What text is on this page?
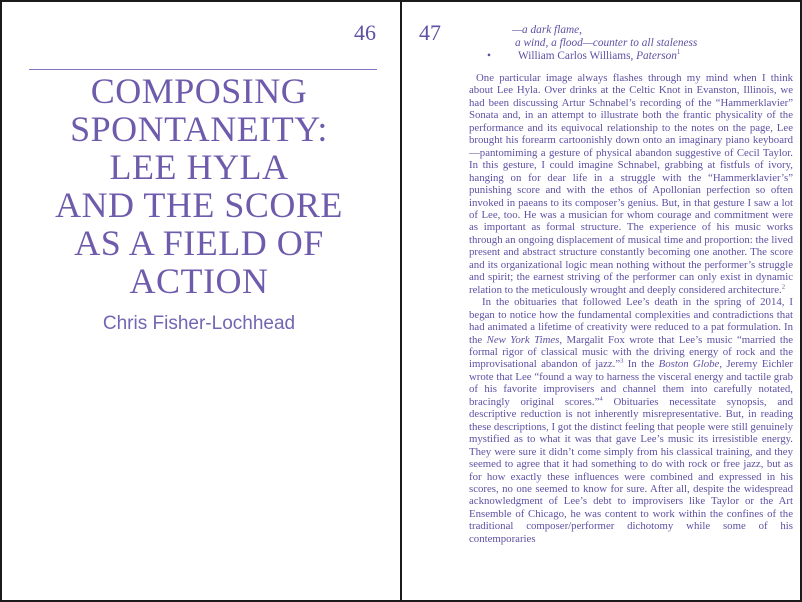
46
COMPOSING
SPONTANEITY:
LEE HYLA
AND THE SCORE
AS A FIELD OF
ACTION
Chris Fisher-Lochhead
47	—a dark flame,
a wind, a flood—counter to all staleness
•	William Carlos Williams, Paterson$^1$

One particular image always flashes through my mind when I think about Lee Hyla. Over drinks at the Celtic Knot in Evanston, Illinois, we had been discussing Artur Schnabel’s recording of the “Hammerklavier” Sonata and, in an attempt to illustrate both the frantic physicality of the performance and its equivocal relationship to the notes on the page, Lee brought his forearm cartoonishly down onto an imaginary piano keyboard—pantomiming a gesture of physical abandon suggestive of Cecil Taylor. In this gesture, I could imagine Schnabel, grabbing at fistfuls of ivory, hanging on for dear life in a struggle with the “Hammerklavier’s” punishing score and with the ethos of Apollonian perfection so often invoked in paeans to its composer’s genius. But, in that gesture I saw a lot of Lee, too. He was a musician for whom courage and commitment were as important as formal structure. The experience of his music works through an ongoing displacement of musical time and proportion: the lived present and abstract structure constantly becoming one another. The score and its organizational logic mean nothing without the performer’s struggle and spirit; the earnest striving of the performer can only exist in dynamic relation to the meticulously wrought and deeply considered architecture.$^2$

In the obituaries that followed Lee’s death in the spring of 2014, I began to notice how the fundamental complexities and contradictions that had animated a lifetime of creativity were reduced to a pat formulation. In the New York Times, Margalit Fox wrote that Lee’s music “married the formal rigor of classical music with the driving energy of rock and the improvisational abandon of jazz.”$^3$ In the Boston Globe, Jeremy Eichler wrote that Lee “found a way to harness the visceral energy and tactile grab of his favorite improvisers and channel them into carefully notated, bracingly original scores.”$^4$ Obituaries necessitate synopsis, and descriptive reduction is not inherently misrepresentative. But, in reading these descriptions, I got the distinct feeling that people were still genuinely mystified as to what it was that gave Lee’s music its irresistible energy. They were sure it didn’t come simply from his classical training, and they seemed to agree that it had something to do with rock or free jazz, but as for how exactly these influences were combined and expressed in his scores, no one seemed to know for sure. After all, despite the widespread acknowledgment of Lee’s debt to improvisers like Taylor or the Art Ensemble of Chicago, he was content to work within the confines of the traditional composer/performer dichotomy while some of his contemporaries
